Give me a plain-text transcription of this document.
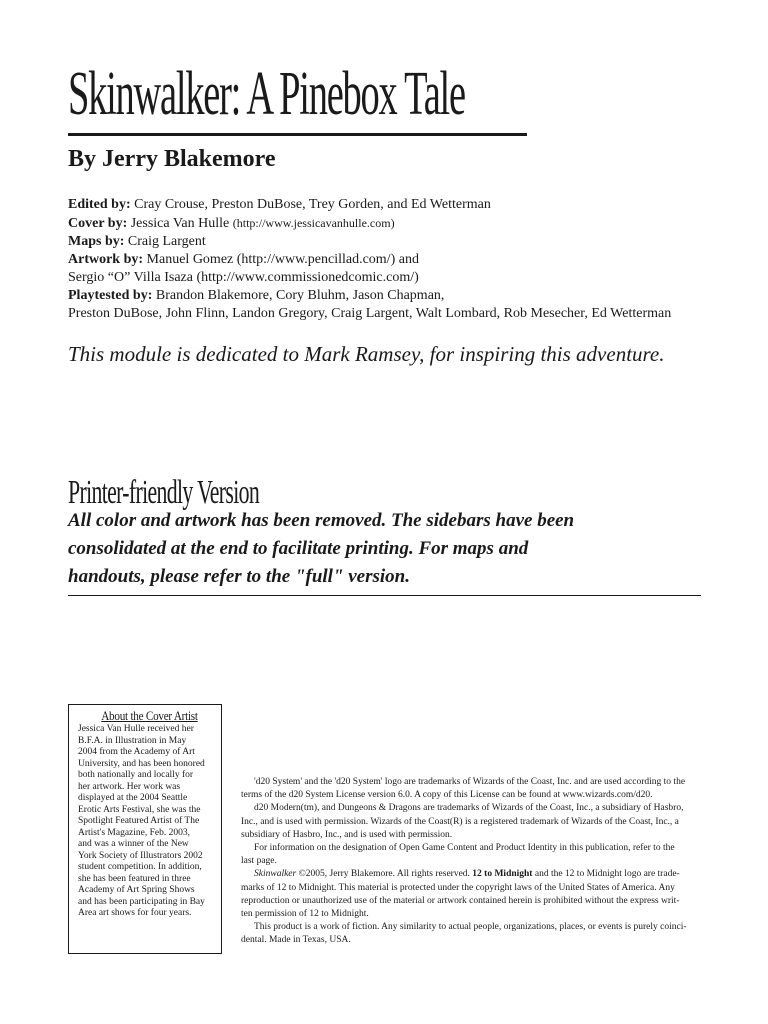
Skinwalker: A Pinebox Tale
By Jerry Blakemore
Edited by: Cray Crouse, Preston DuBose, Trey Gorden, and Ed Wetterman
Cover by: Jessica Van Hulle (http://www.jessicavanhulle.com)
Maps by: Craig Largent
Artwork by: Manuel Gomez (http://www.pencillad.com/) and
Sergio “O” Villa Isaza (http://www.commissionedcomic.com/)
Playtested by: Brandon Blakemore, Cory Bluhm, Jason Chapman,
Preston DuBose, John Flinn, Landon Gregory, Craig Largent, Walt Lombard, Rob Mesecher, Ed Wetterman

This module is dedicated to Mark Ramsey, for inspiring this adventure.

Printer-friendly Version

All color and artwork has been removed. The sidebars have been
consolidated at the end to facilitate printing. For maps and
handouts, please refer to the "full" version.

About the Cover Artist
Jessica Van Hulle received her
B.F.A. in Illustration in May
2004 from the Academy of Art
University, and has been honored
both nationally and locally for
her artwork. Her work was
displayed at the 2004 Seattle
Erotic Arts Festival, she was the
Spotlight Featured Artist of The
Artist's Magazine, Feb. 2003,
and was a winner of the New
York Society of Illustrators 2002
student competition. In addition,
she has been featured in three
Academy of Art Spring Shows
and has been participating in Bay
Area art shows for four years.
'd20 System' and the 'd20 System' logo are trademarks of Wizards of the Coast, Inc. and are used according to the
terms of the d20 System License version 6.0. A copy of this License can be found at www.wizards.com/d20.
d20 Modern(tm), and Dungeons & Dragons are trademarks of Wizards of the Coast, Inc., a subsidiary of Hasbro,
Inc., and is used with permission. Wizards of the Coast(R) is a registered trademark of Wizards of the Coast, Inc., a
subsidiary of Hasbro, Inc., and is used with permission.
For information on the designation of Open Game Content and Product Identity in this publication, refer to the
last page.
Skinwalker ©2005, Jerry Blakemore. All rights reserved. 12 to Midnight and the 12 to Midnight logo are trade-
marks of 12 to Midnight. This material is protected under the copyright laws of the United States of America. Any
reproduction or unauthorized use of the material or artwork contained herein is prohibited without the express writ-
ten permission of 12 to Midnight.
This product is a work of fiction. Any similarity to actual people, organizations, places, or events is purely coinci-
dental. Made in Texas, USA.
